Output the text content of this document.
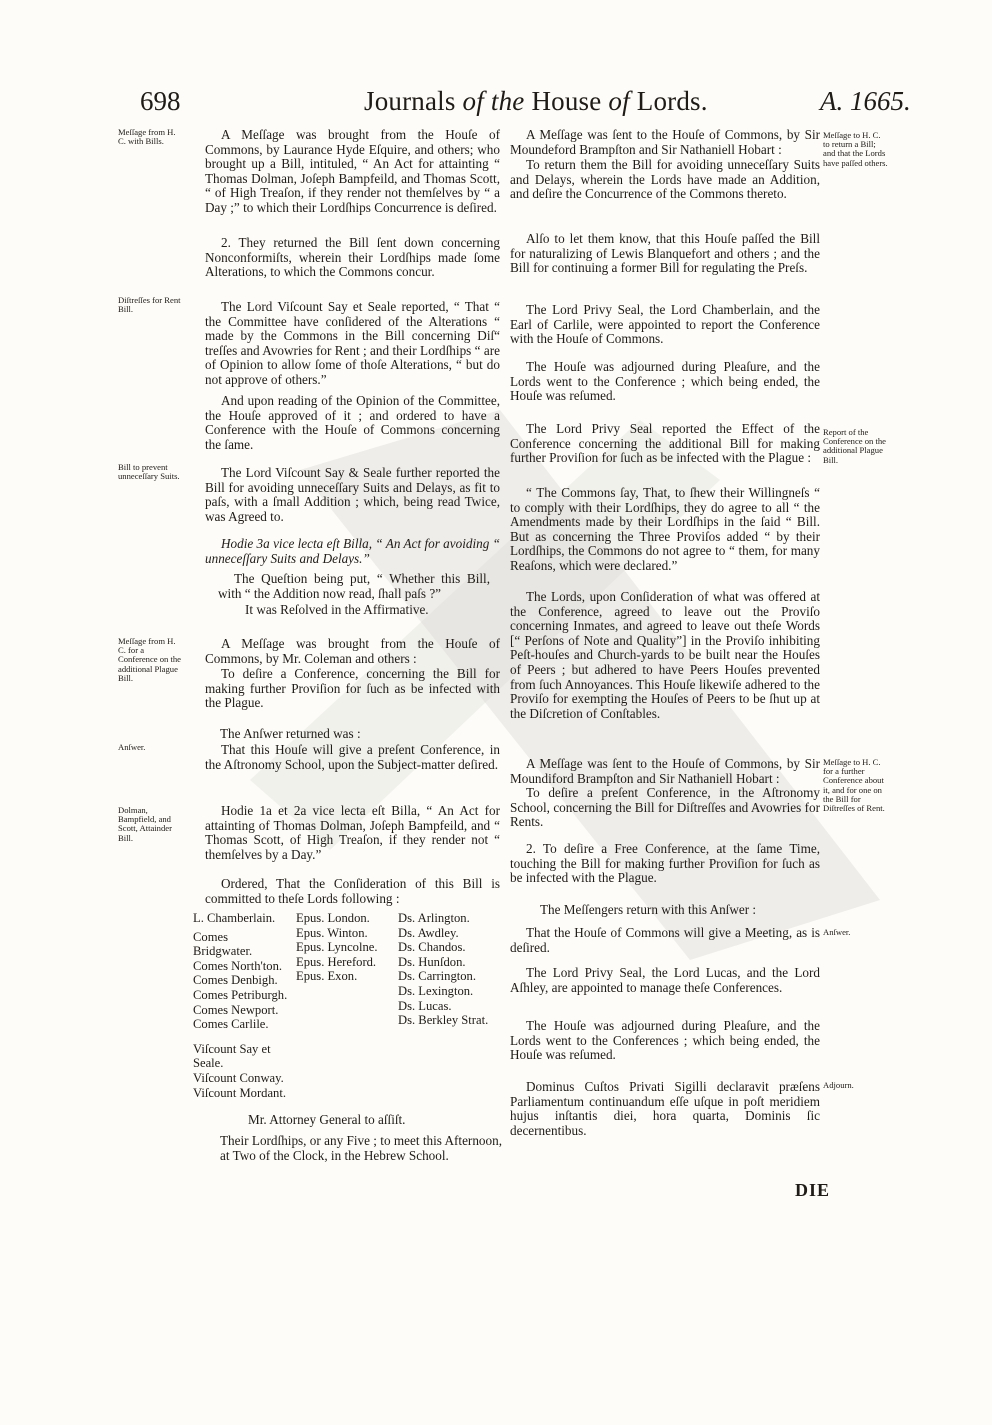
698	Journals of the House of Lords.	A. 1665.
Meſſage from H. C. with Bills.
Diſtreſſes for Rent Bill.
Bill to prevent unneceſſary Suits.
Meſſage from H. C. for a Conference on the additional Plague Bill.
Anſwer.
Dolman, Bampfield, and Scott, Attainder Bill.
Meſſage to H. C. to return a Bill; and that the Lords have paſſed others.
Report of the Conference on the additional Plague Bill.
Meſſage to H. C. for a further Conference about it, and for one on the Bill for Diſtreſſes of Rent.
Anſwer.
Adjourn.

A Meſſage was brought from the Houſe of Commons, by Laurance Hyde Eſquire, and others; who brought up a Bill, intituled, “ An Act for attainting “ Thomas Dolman, Joſeph Bampfeild, and Thomas Scott, “ of High Treaſon, if they render not themſelves by “ a Day ;” to which their Lordſhips Concurrence is deſired.

2. They returned the Bill ſent down concerning Nonconformiſts, wherein their Lordſhips made ſome Alterations, to which the Commons concur.

The Lord Viſcount Say et Seale reported, “ That “ the Committee have conſidered of the Alterations “ made by the Commons in the Bill concerning Diſ“ treſſes and Avowries for Rent ; and their Lordſhips “ are of Opinion to allow ſome of thoſe Alterations, “ but do not approve of others.”

And upon reading of the Opinion of the Committee, the Houſe approved of it ; and ordered to have a Conference with the Houſe of Commons concerning the ſame.

The Lord Viſcount Say & Seale further reported the Bill for avoiding unneceſſary Suits and Delays, as fit to paſs, with a ſmall Addition ; which, being read Twice, was Agreed to.

Hodie 3a vice lecta eſt Billa, “ An Act for avoiding “ unneceſſary Suits and Delays.”

The Queſtion being put, “ Whether this Bill, with “ the Addition now read, ſhall paſs ?”

It was Reſolved in the Affirmative.

A Meſſage was brought from the Houſe of Commons, by Mr. Coleman and others :

To deſire a Conference, concerning the Bill for making further Proviſion for ſuch as be infected with the Plague.

The Anſwer returned was :

That this Houſe will give a preſent Conference, in the Aſtronomy School, upon the Subject-matter deſired.

Hodie 1a et 2a vice lecta eſt Billa, “ An Act for attainting of Thomas Dolman, Joſeph Bampfeild, and “ Thomas Scott, of High Treaſon, if they render not “ themſelves by a Day.”

Ordered, That the Conſideration of this Bill is committed to theſe Lords following :

L. Chamberlain.
Comes Bridgwater.
Comes North'ton.
Comes Denbigh.
Comes Petriburgh.
Comes Newport.
Comes Carlile.
Viſcount Say et Seale.
Viſcount Conway.
Viſcount Mordant.
Epus. London.
Epus. Winton.
Epus. Lyncolne.
Epus. Hereford.
Epus. Exon.
Ds. Arlington.
Ds. Awdley.
Ds. Chandos.
Ds. Hunſdon.
Ds. Carrington.
Ds. Lexington.
Ds. Lucas.
Ds. Berkley Strat.

Mr. Attorney General to aſſiſt.

Their Lordſhips, or any Five ; to meet this Afternoon, at Two of the Clock, in the Hebrew School.

A Meſſage was ſent to the Houſe of Commons, by Sir Moundeford Brampſton and Sir Nathaniell Hobart :

To return them the Bill for avoiding unneceſſary Suits and Delays, wherein the Lords have made an Addition, and deſire the Concurrence of the Commons thereto.

Alſo to let them know, that this Houſe paſſed the Bill for naturalizing of Lewis Blanquefort and others ; and the Bill for continuing a former Bill for regulating the Preſs.

The Lord Privy Seal, the Lord Chamberlain, and the Earl of Carlile, were appointed to report the Conference with the Houſe of Commons.

The Houſe was adjourned during Pleaſure, and the Lords went to the Conference ; which being ended, the Houſe was reſumed.

The Lord Privy Seal reported the Effect of the Conference concerning the additional Bill for making further Proviſion for ſuch as be infected with the Plague :

“ The Commons ſay, That, to ſhew their Willingneſs “ to comply with their Lordſhips, they do agree to all “ the Amendments made by their Lordſhips in the ſaid “ Bill. But as concerning the Three Proviſos added “ by their Lordſhips, the Commons do not agree to “ them, for many Reaſons, which were declared.”

The Lords, upon Conſideration of what was offered at the Conference, agreed to leave out the Proviſo concerning Inmates, and agreed to leave out theſe Words [“ Perſons of Note and Quality”] in the Proviſo inhibiting Peſt-houſes and Church-yards to be built near the Houſes of Peers ; but adhered to have Peers Houſes prevented from ſuch Annoyances. This Houſe likewiſe adhered to the Proviſo for exempting the Houſes of Peers to be ſhut up at the Diſcretion of Conſtables.

A Meſſage was ſent to the Houſe of Commons, by Sir Moundiford Brampſton and Sir Nathaniell Hobart :

To deſire a preſent Conference, in the Aſtronomy School, concerning the Bill for Diſtreſſes and Avowries for Rents.

2. To deſire a Free Conference, at the ſame Time, touching the Bill for making further Proviſion for ſuch as be infected with the Plague.

The Meſſengers return with this Anſwer :

That the Houſe of Commons will give a Meeting, as is deſired.

The Lord Privy Seal, the Lord Lucas, and the Lord Aſhley, are appointed to manage theſe Conferences.

The Houſe was adjourned during Pleaſure, and the Lords went to the Conferences ; which being ended, the Houſe was reſumed.

Dominus Cuſtos Privati Sigilli declaravit præſens Parliamentum continuandum eſſe uſque in poſt meridiem hujus inſtantis diei, hora quarta, Dominis ſic decernentibus.

DIE
